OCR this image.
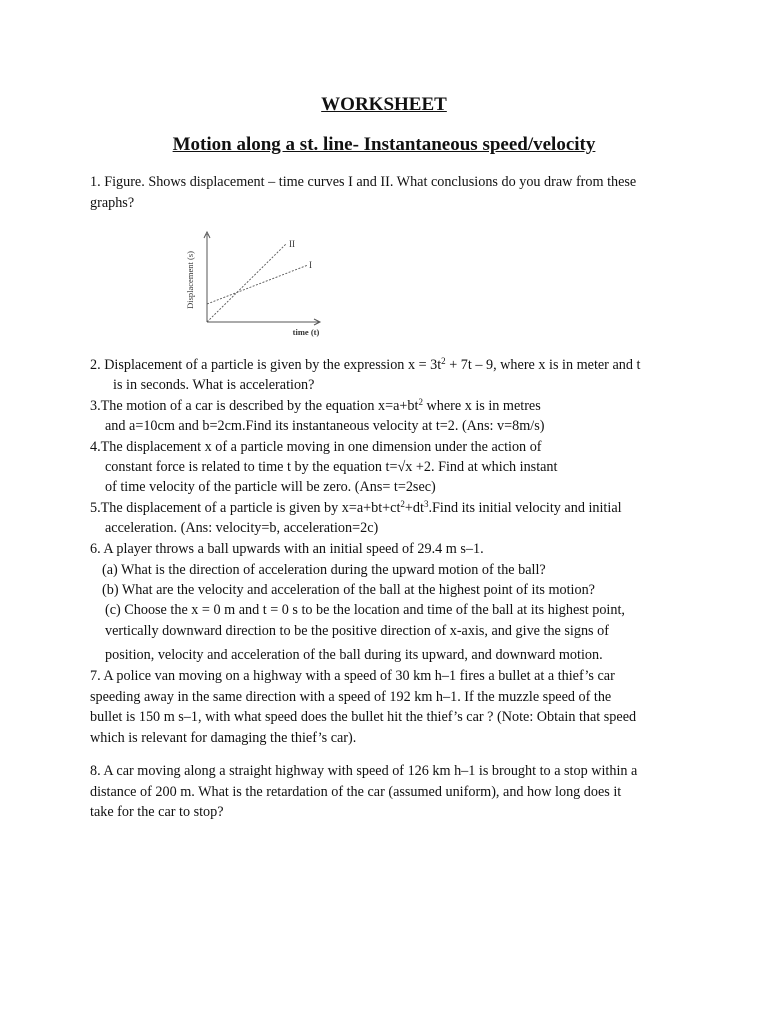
WORKSHEET
Motion along a st. line- Instantaneous speed/velocity
1. Figure. Shows displacement – time curves I and II. What conclusions do you draw from these
graphs?
I
II
Displacement (s)
time (t)
2. Displacement of a particle is given by the expression $x = 3t^2 + 7t - 9$, where x is in meter and t
is in seconds. What is acceleration?
3.The motion of a car is described by the equation $x=a+bt^2$ where x is in metres
and a=10cm and b=2cm.Find its instantaneous velocity at t=2. (Ans: v=8m/s)
4.The displacement x of a particle moving in one dimension under the action of
constant force is related to time t by the equation t=√x +2. Find at which instant
of time velocity of the particle will be zero. (Ans= t=2sec)
5.The displacement of a particle is given by $x=a+bt+ct^2+dt^3.Find$ its initial velocity and initial
acceleration. (Ans: velocity=b, acceleration=2c)
6. A player throws a ball upwards with an initial speed of 29.4 m s–1.
(a) What is the direction of acceleration during the upward motion of the ball?
(b) What are the velocity and acceleration of the ball at the highest point of its motion?
(c) Choose the x = 0 m and t = 0 s to be the location and time of the ball at its highest point,
vertically downward direction to be the positive direction of x-axis, and give the signs of
position, velocity and acceleration of the ball during its upward, and downward motion.
7. A police van moving on a highway with a speed of 30 km h–1 fires a bullet at a thief’s car
speeding away in the same direction with a speed of 192 km h–1. If the muzzle speed of the
bullet is 150 m s–1, with what speed does the bullet hit the thief’s car ? (Note: Obtain that speed
which is relevant for damaging the thief’s car).
8. A car moving along a straight highway with speed of 126 km h–1 is brought to a stop within a
distance of 200 m. What is the retardation of the car (assumed uniform), and how long does it
take for the car to stop?
